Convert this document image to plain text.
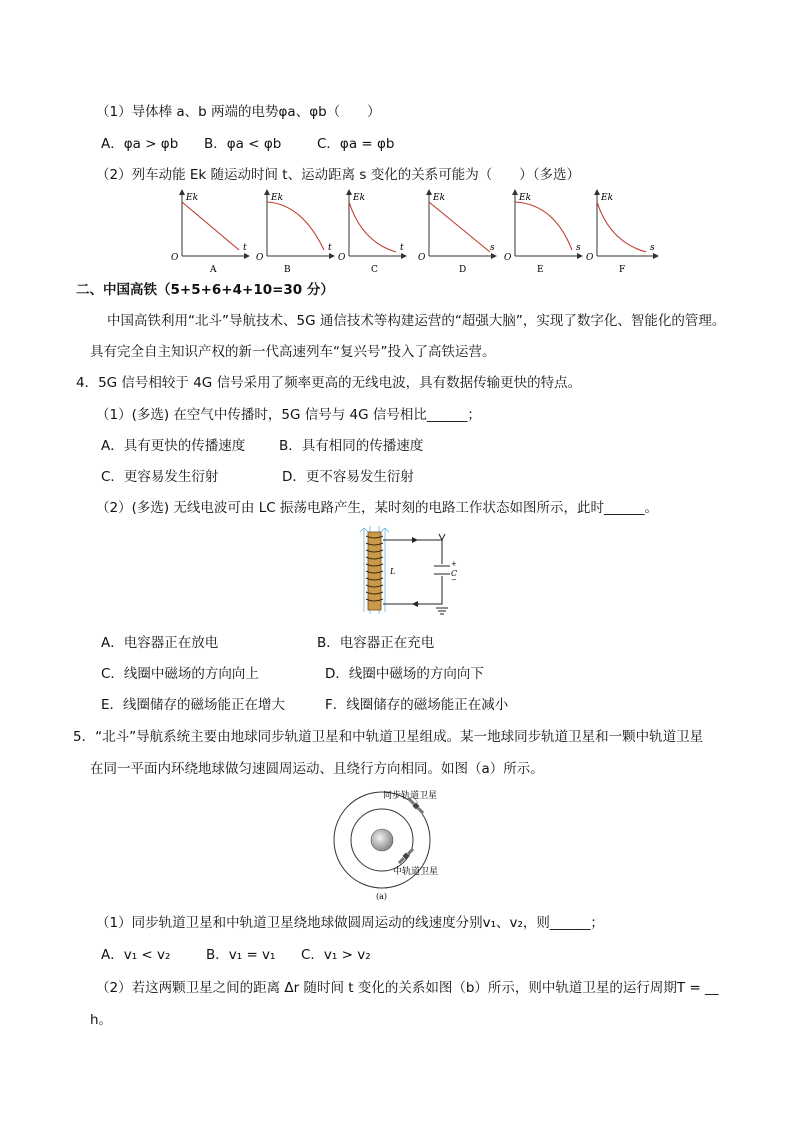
（1）导体棒 a、b 两端的电势φa、φb（　　）
A．φa > φb B．φa < φb	C．φa = φb
（2）列车动能 Ek 随运动时间 t、运动距离 s 变化的关系可能为（　　）（多选）
Ek
O
t
A
Ek
O
t
B
Ek
O
t
C
Ek
O
s
D
Ek
O
s
E
Ek
O
s
F
二、中国高铁（5+5+6+4+10=30 分）
中国高铁利用“北斗”导航技术、5G 通信技术等构建运营的“超强大脑”，实现了数字化、智能化的管理。
具有完全自主知识产权的新一代高速列车“复兴号”投入了高铁运营。
4．5G 信号相较于 4G 信号采用了频率更高的无线电波，具有数据传输更快的特点。
（1）(多选) 在空气中传播时，5G 信号与 4G 信号相比______；
A．具有更快的传播速度	B．具有相同的传播速度
C．更容易发生衍射	D．更不容易发生衍射
（2）(多选) 无线电波可由 LC 振荡电路产生，某时刻的电路工作状态如图所示，此时______。
L	C
+
−
A．电容器正在放电	B．电容器正在充电
C．线圈中磁场的方向向上	D．线圈中磁场的方向向下
E．线圈储存的磁场能正在增大	F．线圈储存的磁场能正在减小
5．“北斗”导航系统主要由地球同步轨道卫星和中轨道卫星组成。某一地球同步轨道卫星和一颗中轨道卫星
在同一平面内环绕地球做匀速圆周运动、且绕行方向相同。如图（a）所示。
同步轨道卫星
中轨道卫星
(a)
（1）同步轨道卫星和中轨道卫星绕地球做圆周运动的线速度分别v₁、v₂，则______；
A．v₁ < v₂	B．v₁ = v₁ C．v₁ > v₂
（2）若这两颗卫星之间的距离 Δr 随时间 t 变化的关系如图（b）所示，则中轨道卫星的运行周期T = __
h。
